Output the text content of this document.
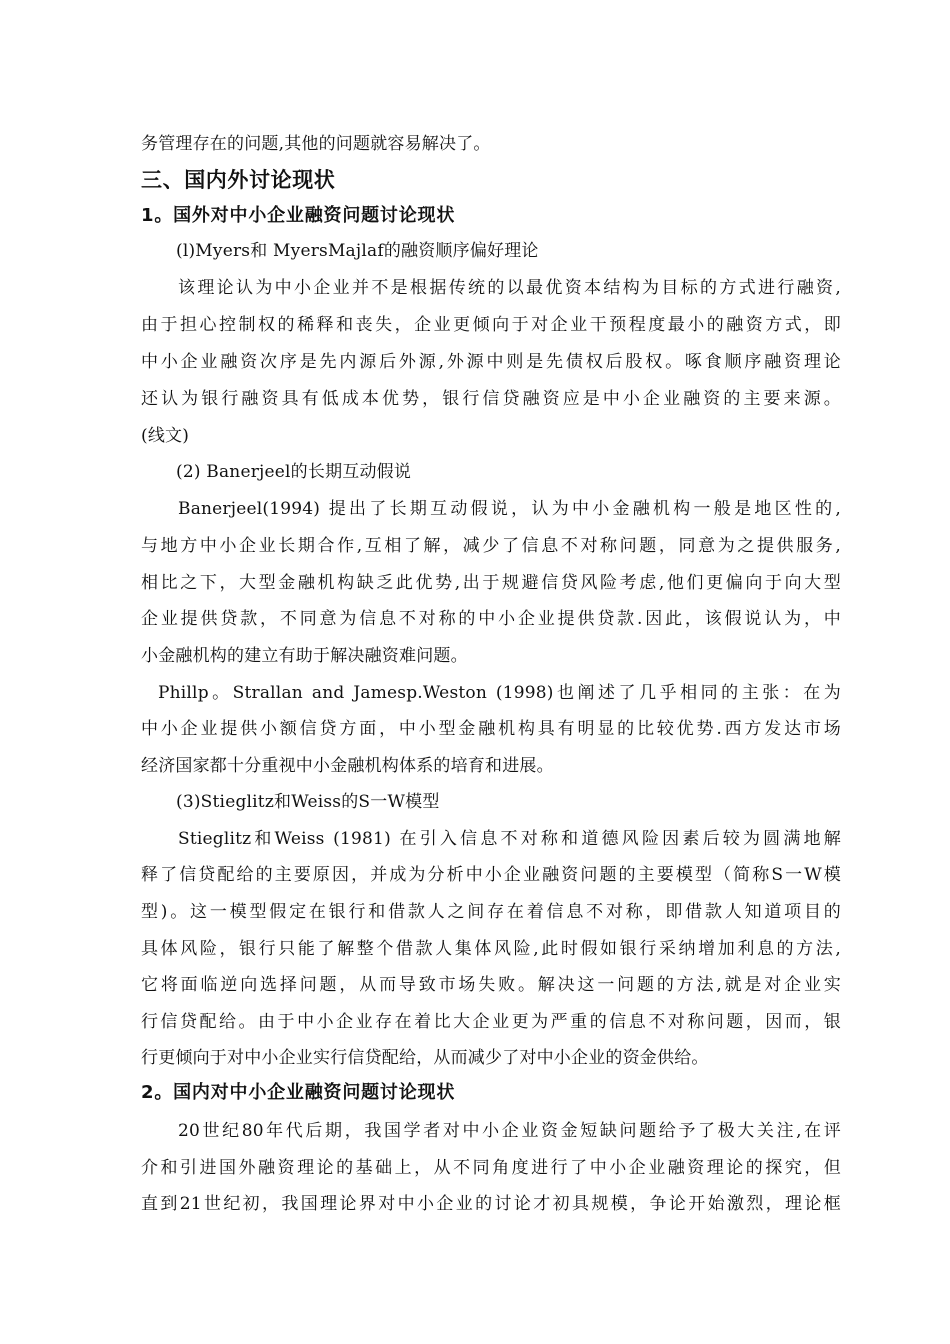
务管理存在的问题,其他的问题就容易解决了。
三、国内外讨论现状
1。国外对中小企业融资问题讨论现状
(l)Myers和 MyersMajlaf的融资顺序偏好理论
该理论认为中小企业并不是根据传统的以最优资本结构为目标的方式进行融资,
由于担心控制权的稀释和丧失，企业更倾向于对企业干预程度最小的融资方式，即
中小企业融资次序是先内源后外源,外源中则是先债权后股权。啄食顺序融资理论
还认为银行融资具有低成本优势，银行信贷融资应是中小企业融资的主要来源。
(线文)
(2) Banerjeel的长期互动假说
Banerjeel(1994) 提出了长期互动假说，认为中小金融机构一般是地区性的,
与地方中小企业长期合作,互相了解，减少了信息不对称问题，同意为之提供服务,
相比之下，大型金融机构缺乏此优势,出于规避信贷风险考虑,他们更偏向于向大型
企业提供贷款，不同意为信息不对称的中小企业提供贷款.因此，该假说认为，中
小金融机构的建立有助于解决融资难问题。
Phillp。Strallan and Jamesp.Weston (1998)也阐述了几乎相同的主张：在为
中小企业提供小额信贷方面，中小型金融机构具有明显的比较优势.西方发达市场
经济国家都十分重视中小金融机构体系的培育和进展。
(3)Stieglitz和Weiss的S一W模型
Stieglitz和Weiss (1981) 在引入信息不对称和道德风险因素后较为圆满地解
释了信贷配给的主要原因，并成为分析中小企业融资问题的主要模型（简称S一W模
型)。这一模型假定在银行和借款人之间存在着信息不对称，即借款人知道项目的
具体风险，银行只能了解整个借款人集体风险,此时假如银行采纳增加利息的方法,
它将面临逆向选择问题，从而导致市场失败。解决这一问题的方法,就是对企业实
行信贷配给。由于中小企业存在着比大企业更为严重的信息不对称问题，因而，银
行更倾向于对中小企业实行信贷配给，从而减少了对中小企业的资金供给。
2。国内对中小企业融资问题讨论现状
20世纪80年代后期，我国学者对中小企业资金短缺问题给予了极大关注,在评
介和引进国外融资理论的基础上，从不同角度进行了中小企业融资理论的探究，但
直到21世纪初，我国理论界对中小企业的讨论才初具规模，争论开始激烈，理论框
